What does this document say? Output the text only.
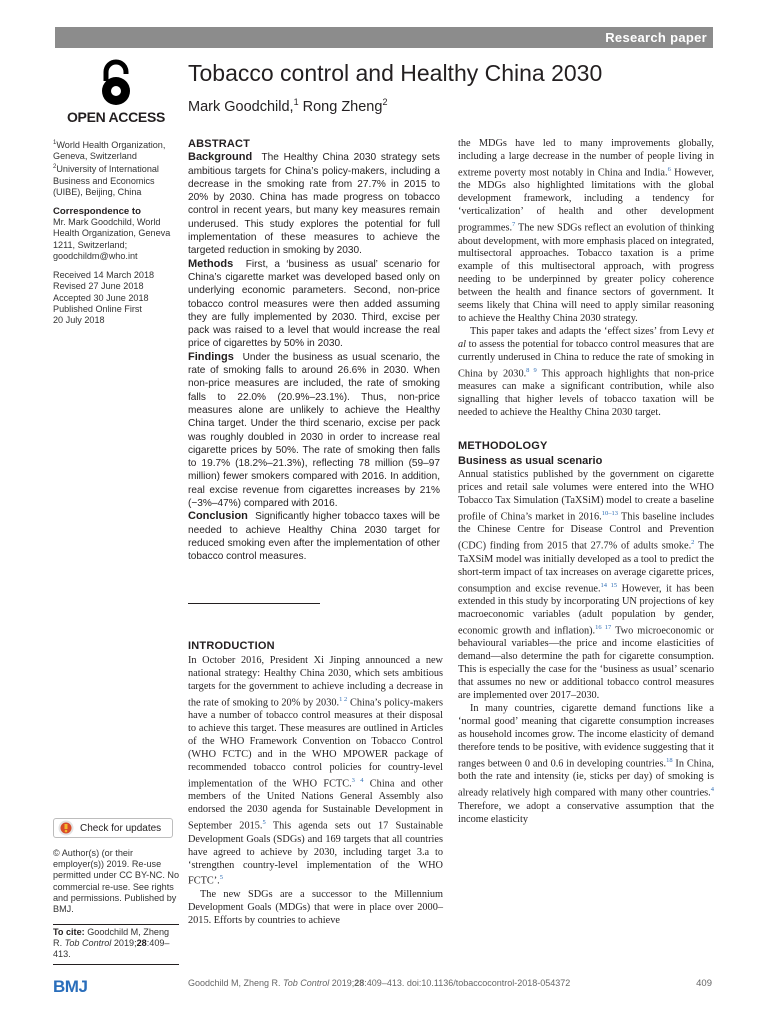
Research paper
OPEN ACCESS
Tobacco control and Healthy China 2030
Mark Goodchild,$^1$ Rong Zheng$^2$
$^1$World Health Organization, Geneva, Switzerland
$^2$University of International Business and Economics (UIBE), Beijing, China
Correspondence to
Mr. Mark Goodchild, World Health Organization, Geneva 1211, Switzerland; goodchildm@who.int
Received 14 March 2018
Revised 27 June 2018
Accepted 30 June 2018
Published Online First
20 July 2018
ABSTRACT

Background The Healthy China 2030 strategy sets ambitious targets for China’s policy-makers, including a decrease in the smoking rate from 27.7% in 2015 to 20% by 2030. China has made progress on tobacco control in recent years, but many key measures remain underused. This study explores the potential for full implementation of these measures to achieve the targeted reduction in smoking by 2030.

Methods First, a ‘business as usual’ scenario for China’s cigarette market was developed based only on underlying economic parameters. Second, non-price tobacco control measures were then added assuming they are fully implemented by 2030. Third, excise per pack was raised to a level that would increase the real price of cigarettes by 50% in 2030.

Findings Under the business as usual scenario, the rate of smoking falls to around 26.6% in 2030. When non-price measures are included, the rate of smoking falls to 22.0% (20.9%–23.1%). Thus, non-price measures alone are unlikely to achieve the Healthy China target. Under the third scenario, excise per pack was roughly doubled in 2030 in order to increase real cigarette prices by 50%. The rate of smoking then falls to 19.7% (18.2%–21.3%), reflecting 78 million (59–97 million) fewer smokers compared with 2016. In addition, real excise revenue from cigarettes increases by 21% (−3%–47%) compared with 2016.

Conclusion Significantly higher tobacco taxes will be needed to achieve Healthy China 2030 target for reduced smoking even after the implementation of other tobacco control measures.

INTRODUCTION

In October 2016, President Xi Jinping announced a new national strategy: Healthy China 2030, which sets ambitious targets for the government to achieve including a decrease in the rate of smoking to 20% by 2030.$^{1 2}$ China’s policy-makers have a number of tobacco control measures at their disposal to achieve this target. These measures are outlined in Articles of the WHO Framework Convention on Tobacco Control (WHO FCTC) and in the WHO MPOWER package of recommended tobacco control policies for country-level implementation of the WHO FCTC.$^{3 4}$ China and other members of the United Nations General Assembly also endorsed the 2030 agenda for Sustainable Development in September 2015.$^5$ This agenda sets out 17 Sustainable Development Goals (SDGs) and 169 targets that all countries have agreed to achieve by 2030, including target 3.a to ‘strengthen country-level implementation of the WHO FCTC’.$^5$

The new SDGs are a successor to the Millennium Development Goals (MDGs) that were in place over 2000–2015. Efforts by countries to achieve

the MDGs have led to many improvements globally, including a large decrease in the number of people living in extreme poverty most notably in China and India.$^6$ However, the MDGs also highlighted limitations with the global development framework, including a tendency for ‘verticalization’ of health and other development programmes.$^7$ The new SDGs reflect an evolution of thinking about development, with more emphasis placed on integrated, multisectoral approaches. Tobacco taxation is a prime example of this multisectoral approach, with progress needing to be underpinned by greater policy coherence between the health and finance sectors of government. It seems likely that China will need to apply similar reasoning to achieve the Healthy China 2030 strategy.

This paper takes and adapts the ‘effect sizes’ from Levy et al to assess the potential for tobacco control measures that are currently underused in China to reduce the rate of smoking in China by 2030.$^{8 9}$ This approach highlights that non-price measures can make a significant contribution, while also signalling that higher levels of tobacco taxation will be needed to achieve the Healthy China 2030 target.

METHODOLOGY
Business as usual scenario

Annual statistics published by the government on cigarette prices and retail sale volumes were entered into the WHO Tobacco Tax Simulation (TaXSiM) model to create a baseline profile of China’s market in 2016.$^{10-13}$ This baseline includes the Chinese Centre for Disease Control and Prevention (CDC) finding from 2015 that 27.7% of adults smoke.$^2$ The TaXSiM model was initially developed as a tool to predict the short-term impact of tax increases on average cigarette prices, consumption and excise revenue.$^{14 15}$ However, it has been extended in this study by incorporating UN projections of key macroeconomic variables (adult population by gender, economic growth and inflation).$^{16 17}$ Two microeconomic or behavioural variables—the price and income elasticities of demand—also determine the path for cigarette consumption. This is especially the case for the ‘business as usual’ scenario that assumes no new or additional tobacco control measures are implemented over 2017–2030.

In many countries, cigarette demand functions like a ‘normal good’ meaning that cigarette consumption increases as household incomes grow. The income elasticity of demand therefore tends to be positive, with evidence suggesting that it ranges between 0 and 0.6 in developing countries.$^{18}$ In China, both the rate and intensity (ie, sticks per day) of smoking is already relatively high compared with many other countries.$^4$ Therefore, we adopt a conservative assumption that the income elasticity

Check for updates
© Author(s) (or their employer(s)) 2019. Re-use permitted under CC BY-NC. No commercial re-use. See rights and permissions. Published by BMJ.
To cite: Goodchild M, Zheng R. Tob Control 2019;28:409–413.
BMJ	Goodchild M, Zheng R. Tob Control 2019;28:409–413. doi:10.1136/tobaccocontrol-2018-054372	409
